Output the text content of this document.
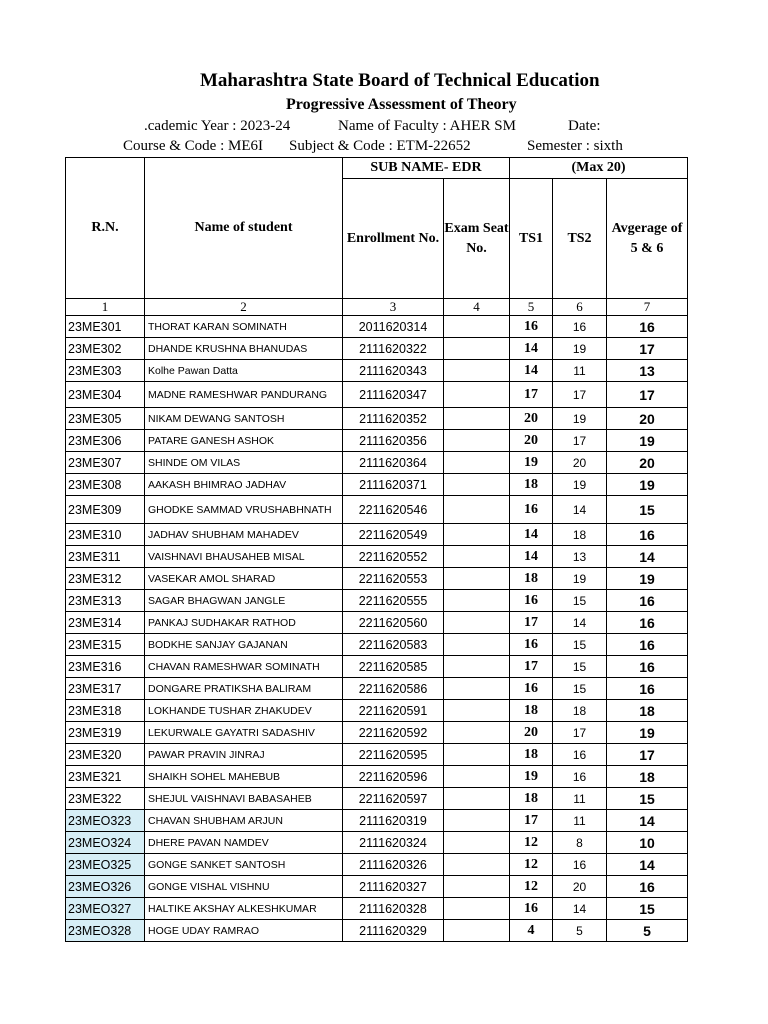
Maharashtra State Board of Technical Education
Progressive Assessment of Theory
.cademic Year : 2023-24	Name of Faculty : AHER SM	Date:
Course & Code : ME6I Subject & Code : ETM-22652	Semester : sixth
R.N.	Name of student	SUB NAME- EDR		(Max 20)		
		Enrollment No.	Exam Seat No.	TS1	TS2	Avgerage of 5 & 6
1	2	3	4	5	6	7
23ME301	THORAT KARAN SOMINATH	2011620314		16	16	16
23ME302	DHANDE KRUSHNA BHANUDAS	2111620322		14	19	17
23ME303	Kolhe Pawan Datta	2111620343		14	11	13
23ME304	MADNE RAMESHWAR PANDURANG	2111620347		17	17	17
23ME305	NIKAM DEWANG SANTOSH	2111620352		20	19	20
23ME306	PATARE GANESH ASHOK	2111620356		20	17	19
23ME307	SHINDE OM VILAS	2111620364		19	20	20
23ME308	AAKASH BHIMRAO JADHAV	2111620371		18	19	19
23ME309	GHODKE SAMMAD VRUSHABHNATH	2211620546		16	14	15
23ME310	JADHAV SHUBHAM MAHADEV	2211620549		14	18	16
23ME311	VAISHNAVI BHAUSAHEB MISAL	2211620552		14	13	14
23ME312	VASEKAR AMOL SHARAD	2211620553		18	19	19
23ME313	SAGAR BHAGWAN JANGLE	2211620555		16	15	16
23ME314	PANKAJ SUDHAKAR RATHOD	2211620560		17	14	16
23ME315	BODKHE SANJAY GAJANAN	2211620583		16	15	16
23ME316	CHAVAN RAMESHWAR SOMINATH	2211620585		17	15	16
23ME317	DONGARE PRATIKSHA BALIRAM	2211620586		16	15	16
23ME318	LOKHANDE TUSHAR ZHAKUDEV	2211620591		18	18	18
23ME319	LEKURWALE GAYATRI SADASHIV	2211620592		20	17	19
23ME320	PAWAR PRAVIN JINRAJ	2211620595		18	16	17
23ME321	SHAIKH SOHEL MAHEBUB	2211620596		19	16	18
23ME322	SHEJUL VAISHNAVI BABASAHEB	2211620597		18	11	15
23MEO323	CHAVAN SHUBHAM ARJUN	2111620319		17	11	14
23MEO324	DHERE PAVAN NAMDEV	2111620324		12	8	10
23MEO325	GONGE SANKET SANTOSH	2111620326		12	16	14
23MEO326	GONGE VISHAL VISHNU	2111620327		12	20	16
23MEO327	HALTIKE AKSHAY ALKESHKUMAR	2111620328		16	14	15
23MEO328	HOGE UDAY RAMRAO	2111620329		4	5	5
